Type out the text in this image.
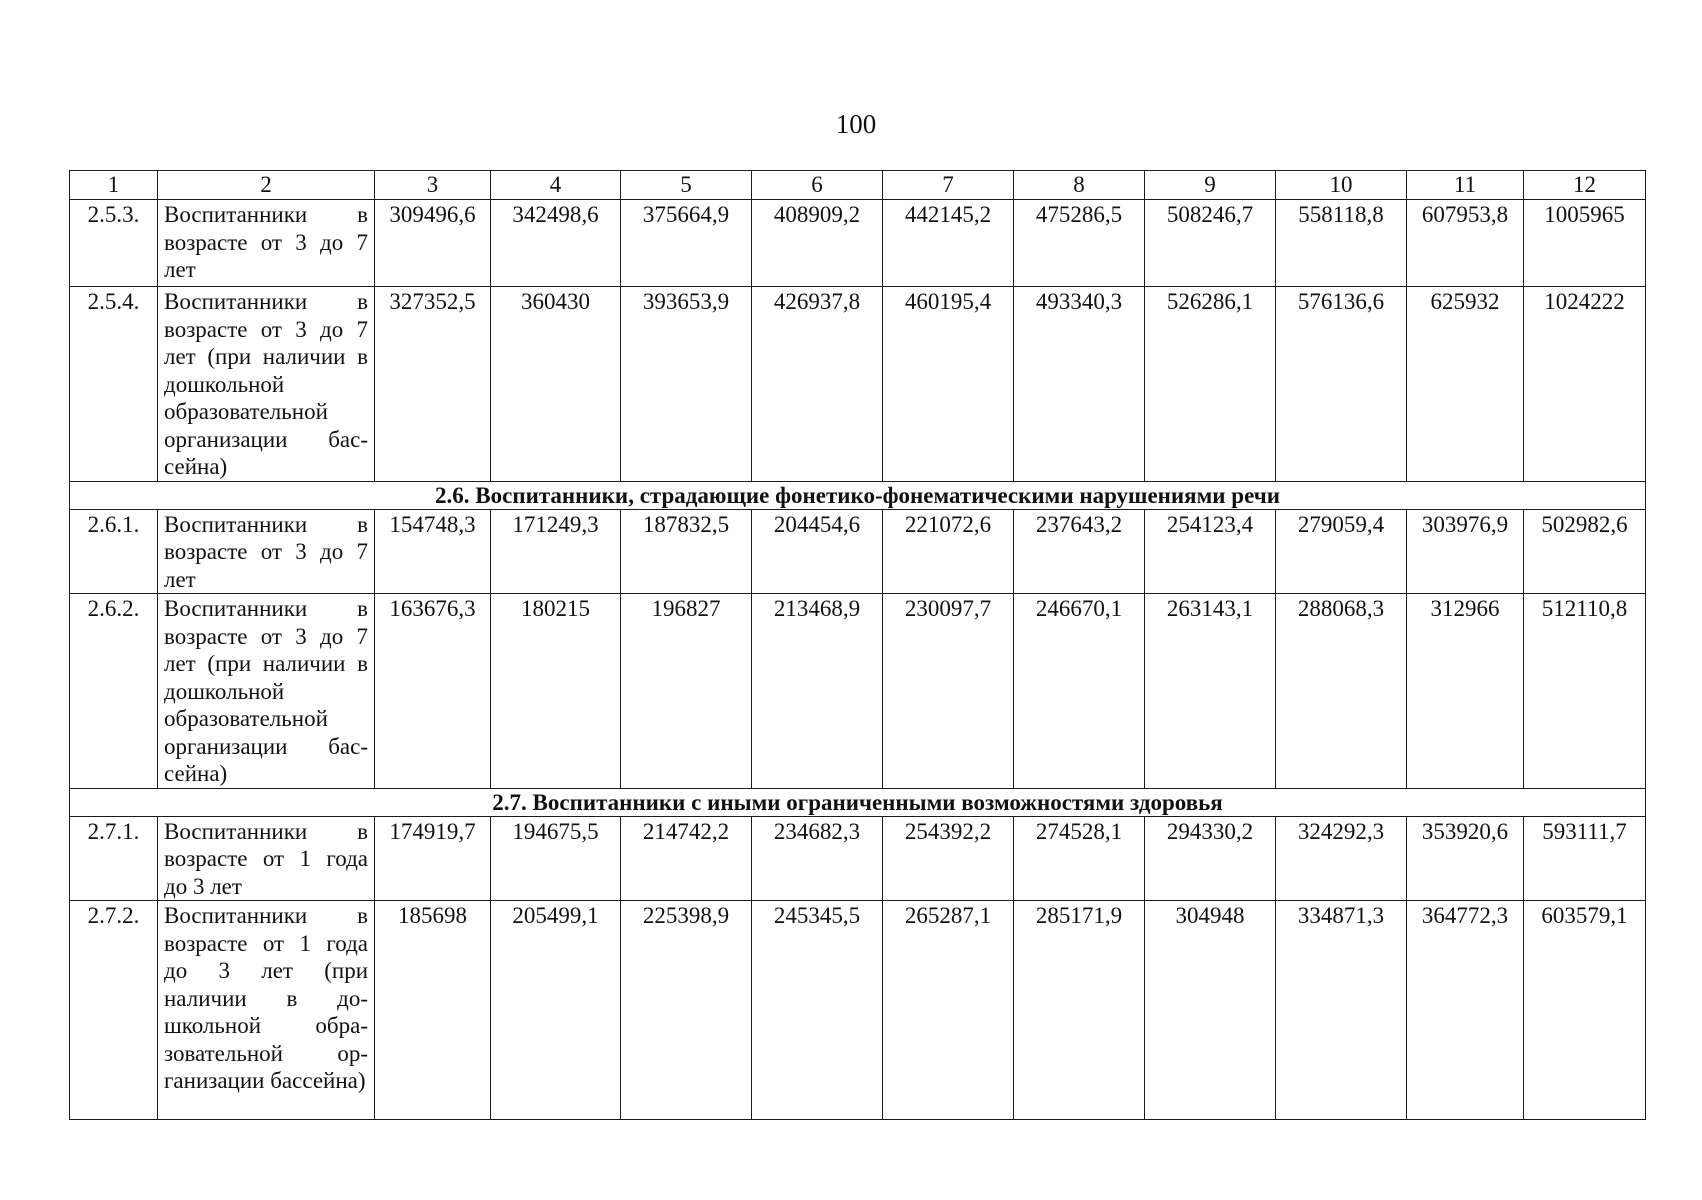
100
1	2	3	4	5	6	7	8	9	10	11	12
2.5.3.	Воспитанники в возрасте от 3 до 7 лет	309496,6	342498,6	375664,9	408909,2	442145,2	475286,5	508246,7	558118,8	607953,8	1005965
2.5.4.	Воспитанники в возрасте от 3 до 7 лет (при наличии в дошкольной образовательной организации бассейна)	327352,5	360430	393653,9	426937,8	460195,4	493340,3	526286,1	576136,6	625932	1024222
2.6. Воспитанники, страдающие фонетико-фонематическими нарушениями речи											
2.6.1.	Воспитанники в возрасте от 3 до 7 лет	154748,3	171249,3	187832,5	204454,6	221072,6	237643,2	254123,4	279059,4	303976,9	502982,6
2.6.2.	Воспитанники в возрасте от 3 до 7 лет (при наличии в дошкольной образовательной организации бассейна)	163676,3	180215	196827	213468,9	230097,7	246670,1	263143,1	288068,3	312966	512110,8
2.7. Воспитанники с иными ограниченными возможностями здоровья											
2.7.1.	Воспитанники в возрасте от 1 года до 3 лет	174919,7	194675,5	214742,2	234682,3	254392,2	274528,1	294330,2	324292,3	353920,6	593111,7
2.7.2.	Воспитанники в возрасте от 1 года до 3 лет (при наличии в дошкольной образовательной организации бассейна)	185698	205499,1	225398,9	245345,5	265287,1	285171,9	304948	334871,3	364772,3	603579,1
